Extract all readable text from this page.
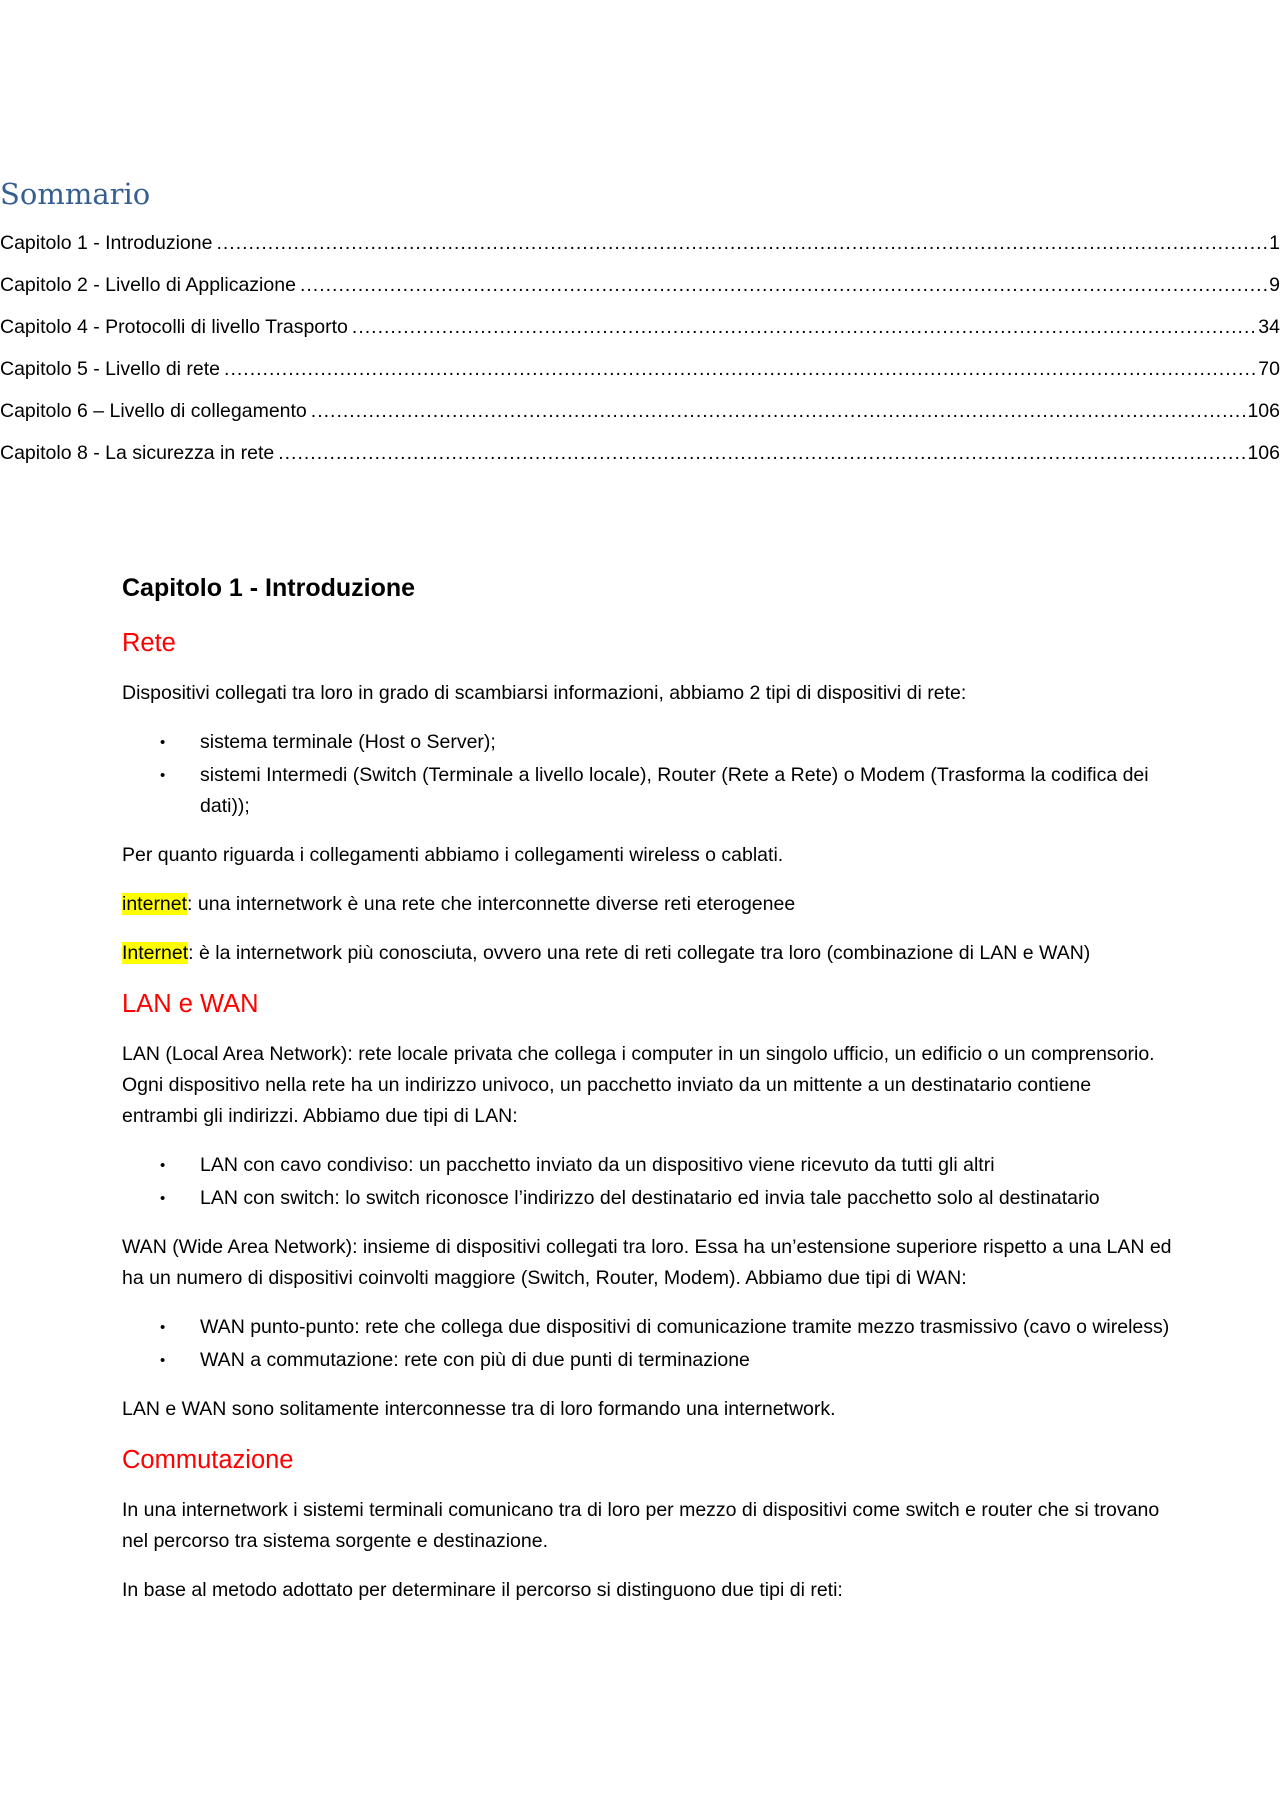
Sommario
Capitolo 1 - Introduzione .....	1
Capitolo 2 - Livello di Applicazione .....	9
Capitolo 4 - Protocolli di livello Trasporto .....	34
Capitolo 5 - Livello di rete .....	70
Capitolo 6 – Livello di collegamento .....	106
Capitolo 8 - La sicurezza in rete .....	106
Capitolo 1 - Introduzione
Rete

Dispositivi collegati tra loro in grado di scambiarsi informazioni, abbiamo 2 tipi di dispositivi di rete:

• sistema terminale (Host o Server);
• sistemi Intermedi (Switch (Terminale a livello locale), Router (Rete a Rete) o Modem (Trasforma la codifica dei dati));

Per quanto riguarda i collegamenti abbiamo i collegamenti wireless o cablati.

internet: una internetwork è una rete che interconnette diverse reti eterogenee

Internet: è la internetwork più conosciuta, ovvero una rete di reti collegate tra loro (combinazione di LAN e WAN)

LAN e WAN

LAN (Local Area Network): rete locale privata che collega i computer in un singolo ufficio, un edificio o un comprensorio. Ogni dispositivo nella rete ha un indirizzo univoco, un pacchetto inviato da un mittente a un destinatario contiene entrambi gli indirizzi. Abbiamo due tipi di LAN:

• LAN con cavo condiviso: un pacchetto inviato da un dispositivo viene ricevuto da tutti gli altri
• LAN con switch: lo switch riconosce l’indirizzo del destinatario ed invia tale pacchetto solo al destinatario

WAN (Wide Area Network): insieme di dispositivi collegati tra loro. Essa ha un’estensione superiore rispetto a una LAN ed ha un numero di dispositivi coinvolti maggiore (Switch, Router, Modem). Abbiamo due tipi di WAN:

• WAN punto-punto: rete che collega due dispositivi di comunicazione tramite mezzo trasmissivo (cavo o wireless)
• WAN a commutazione: rete con più di due punti di terminazione

LAN e WAN sono solitamente interconnesse tra di loro formando una internetwork.

Commutazione

In una internetwork i sistemi terminali comunicano tra di loro per mezzo di dispositivi come switch e router che si trovano nel percorso tra sistema sorgente e destinazione.

In base al metodo adottato per determinare il percorso si distinguono due tipi di reti:
